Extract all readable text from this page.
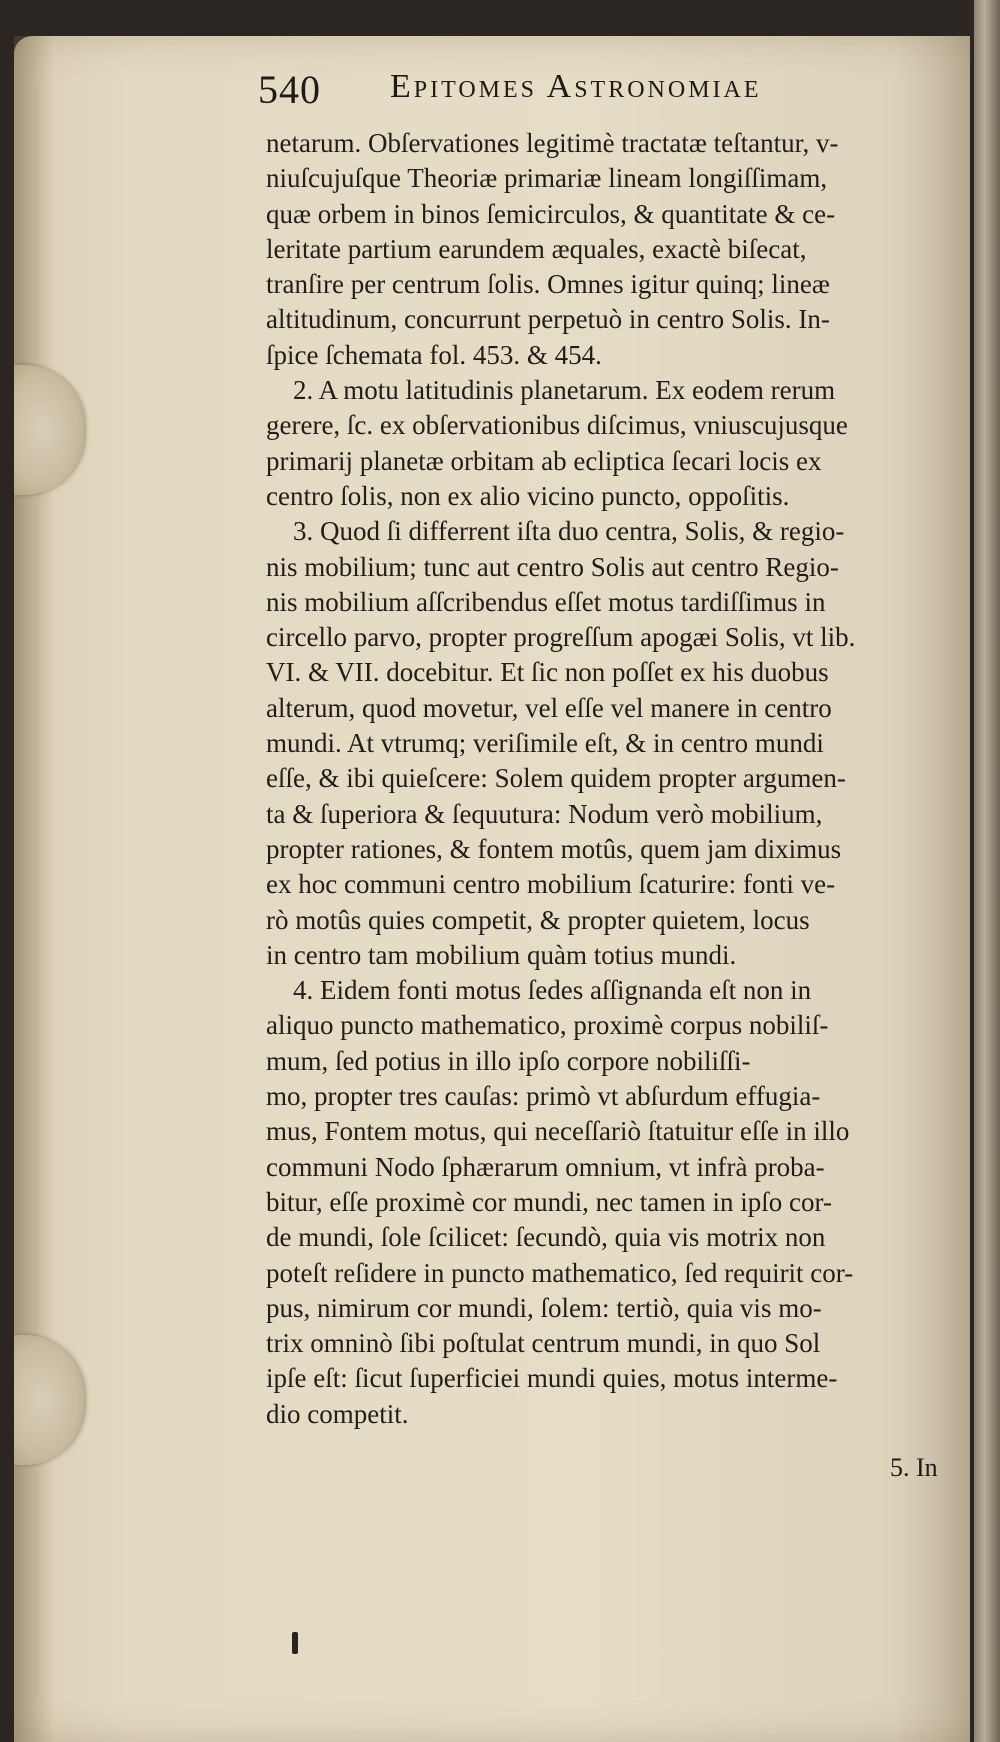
540 Epitomes Astronomiae
netarum. Obſervationes legitimè tractatæ teſtantur, v-
niuſcujuſque Theoriæ primariæ lineam longiſſimam,
quæ orbem in binos ſemicirculos, & quantitate & ce-
leritate partium earundem æquales, exactè biſecat,
tranſire per centrum ſolis. Omnes igitur quinq; lineæ
altitudinum, concurrunt perpetuò in centro Solis. In-
ſpice ſchemata fol. 453. & 454.
2. A motu latitudinis planetarum. Ex eodem rerum
gerere, ſc. ex obſervationibus diſcimus, vniuscujusque
primarij planetæ orbitam ab ecliptica ſecari locis ex
centro ſolis, non ex alio vicino puncto, oppoſitis.
3. Quod ſi differrent iſta duo centra, Solis, & regio-
nis mobilium; tunc aut centro Solis aut centro Regio-
nis mobilium aſſcribendus eſſet motus tardiſſimus in
circello parvo, propter progreſſum apogæi Solis, vt lib.
VI. & VII. docebitur. Et ſic non poſſet ex his duobus
alterum, quod movetur, vel eſſe vel manere in centro
mundi. At vtrumq; veriſimile eſt, & in centro mundi
eſſe, & ibi quieſcere: Solem quidem propter argumen-
ta & ſuperiora & ſequutura: Nodum verò mobilium,
propter rationes, & fontem motûs, quem jam diximus
ex hoc communi centro mobilium ſcaturire: fonti ve-
rò motûs quies competit, & propter quietem, locus
in centro tam mobilium quàm totius mundi.
4. Eidem fonti motus ſedes aſſignanda eſt non in
aliquo puncto mathematico, proximè corpus nobiliſ-
mum, ſed potius in illo ipſo corpore nobiliſſi-
mo, propter tres cauſas: primò vt abſurdum effugia-
mus, Fontem motus, qui neceſſariò ſtatuitur eſſe in illo
communi Nodo ſphærarum omnium, vt infrà proba-
bitur, eſſe proximè cor mundi, nec tamen in ipſo cor-
de mundi, ſole ſcilicet: ſecundò, quia vis motrix non
poteſt reſidere in puncto mathematico, ſed requirit cor-
pus, nimirum cor mundi, ſolem: tertiò, quia vis mo-
trix omninò ſibi poſtulat centrum mundi, in quo Sol
ipſe eſt: ſicut ſuperficiei mundi quies, motus interme-
dio competit.
5. In
